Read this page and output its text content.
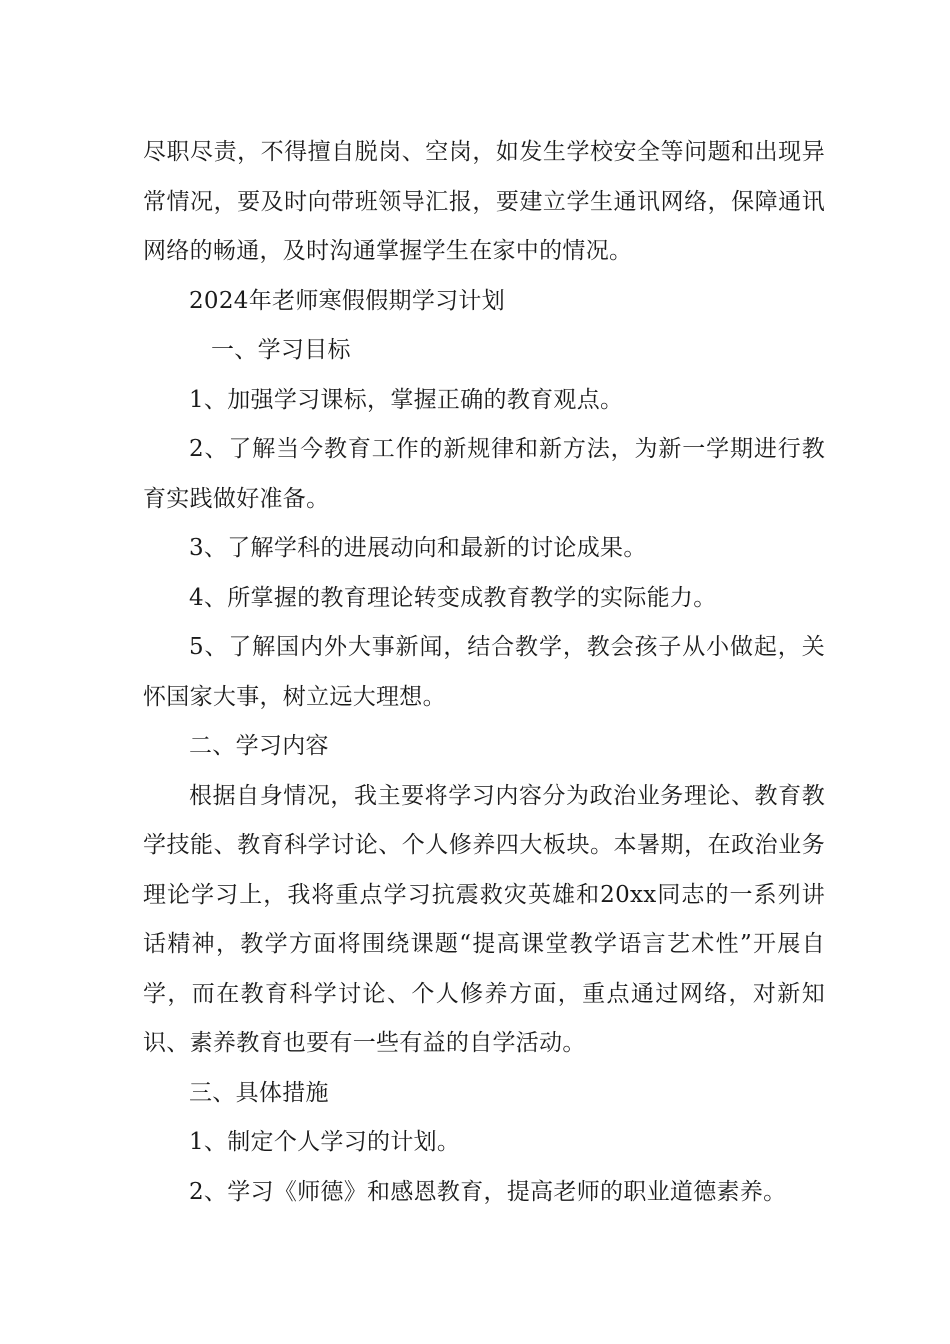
尽职尽责，不得擅自脱岗、空岗，如发生学校安全等问题和出现异常情况，要及时向带班领导汇报，要建立学生通讯网络，保障通讯网络的畅通，及时沟通掌握学生在家中的情况。

2024年老师寒假假期学习计划

一、学习目标

1、加强学习课标，掌握正确的教育观点。

2、了解当今教育工作的新规律和新方法，为新一学期进行教育实践做好准备。

3、了解学科的进展动向和最新的讨论成果。

4、所掌握的教育理论转变成教育教学的实际能力。

5、了解国内外大事新闻，结合教学，教会孩子从小做起，关怀国家大事，树立远大理想。

二、学习内容

根据自身情况，我主要将学习内容分为政治业务理论、教育教学技能、教育科学讨论、个人修养四大板块。本暑期，在政治业务理论学习上，我将重点学习抗震救灾英雄和20xx同志的一系列讲话精神，教学方面将围绕课题“提高课堂教学语言艺术性”开展自学，而在教育科学讨论、个人修养方面，重点通过网络，对新知识、素养教育也要有一些有益的自学活动。

三、具体措施

1、制定个人学习的计划。

2、学习《师德》和感恩教育，提高老师的职业道德素养。
